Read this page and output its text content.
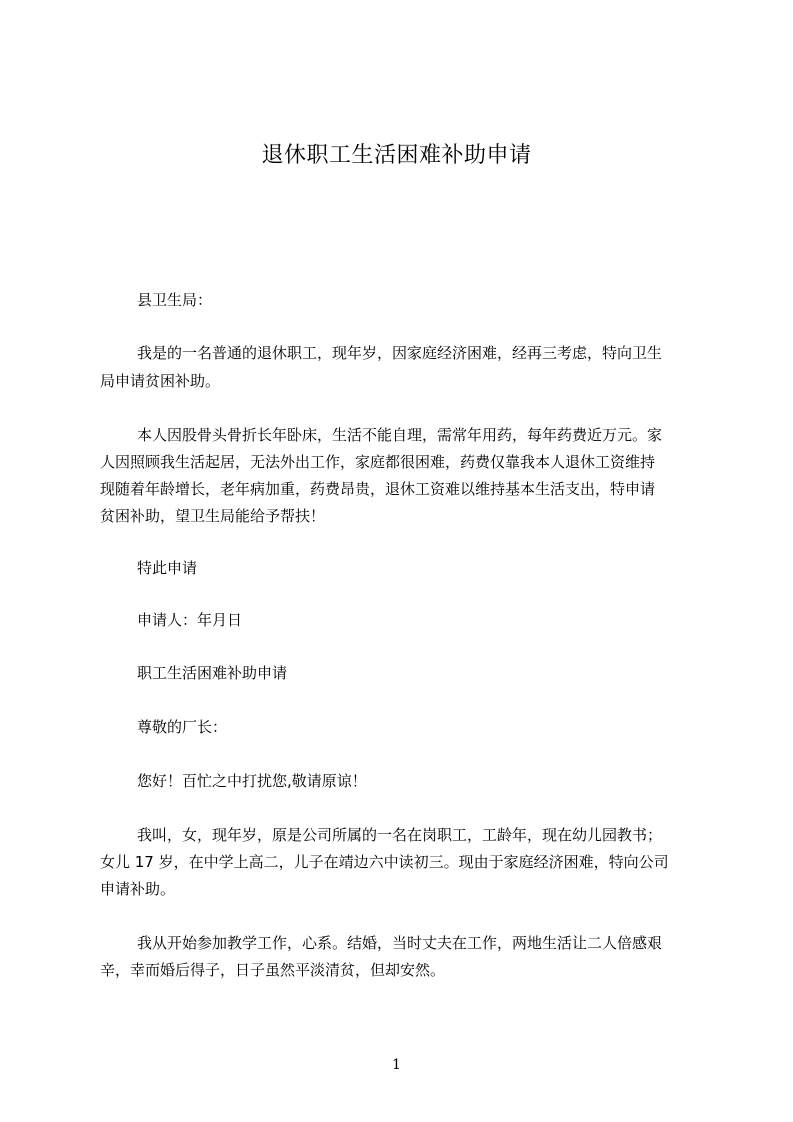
退休职工生活困难补助申请
县卫生局：
我是的一名普通的退休职工，现年岁，因家庭经济困难，经再三考虑，特向卫生
局申请贫困补助。
本人因股骨头骨折长年卧床，生活不能自理，需常年用药，每年药费近万元。家
人因照顾我生活起居，无法外出工作，家庭都很困难，药费仅靠我本人退休工资维持
现随着年龄增长，老年病加重，药费昂贵，退休工资难以维持基本生活支出，特申请
贫困补助，望卫生局能给予帮扶！
特此申请
申请人：年月日
职工生活困难补助申请
尊敬的厂长：
您好！百忙之中打扰您,敬请原谅！
我叫，女，现年岁，原是公司所属的一名在岗职工，工龄年，现在幼儿园教书；
女儿 17 岁，在中学上高二，儿子在靖边六中读初三。现由于家庭经济困难，特向公司
申请补助。
我从开始参加教学工作，心系。结婚，当时丈夫在工作，两地生活让二人倍感艰
辛，幸而婚后得子，日子虽然平淡清贫，但却安然。
1
